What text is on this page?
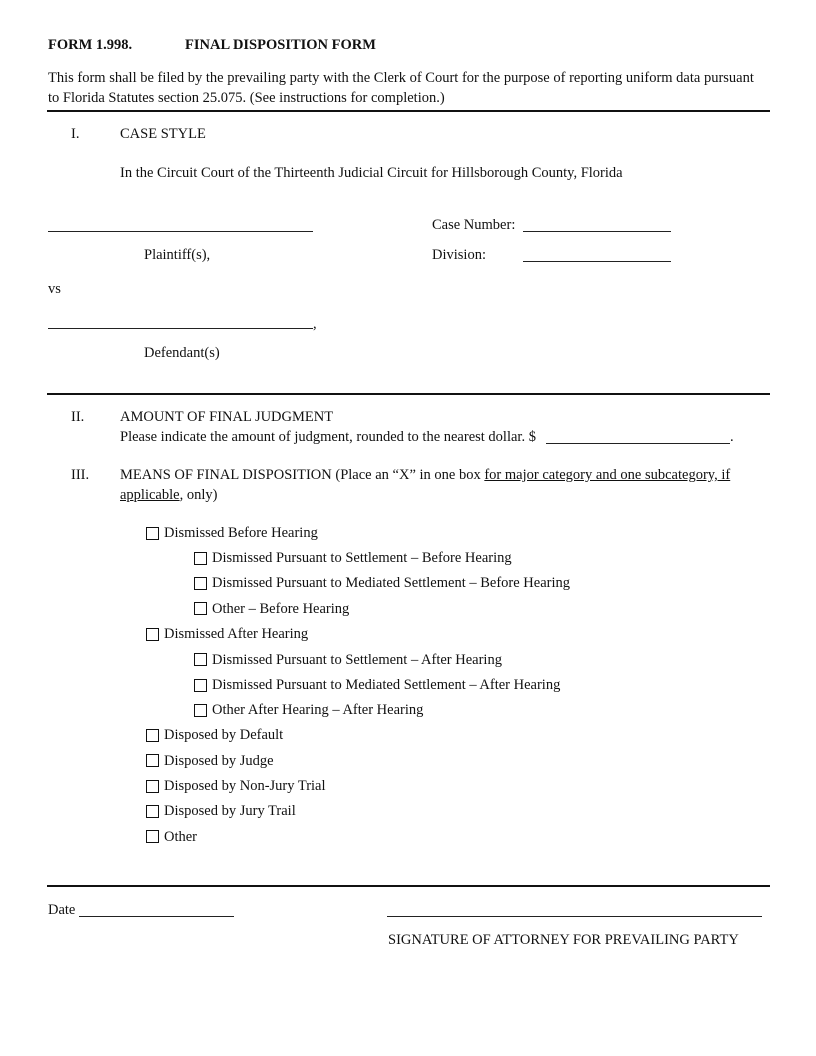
FORM 1.998.	FINAL DISPOSITION FORM
This form shall be filed by the prevailing party with the Clerk of Court for the purpose of reporting uniform data pursuant
to Florida Statutes section 25.075. (See instructions for completion.)
I.	CASE STYLE
In the Circuit Court of the Thirteenth Judicial Circuit for Hillsborough County, Florida
Case Number:
Plaintiff(s),	Division:
vs
,
Defendant(s)
II. AMOUNT OF FINAL JUDGMENT
Please indicate the amount of judgment, rounded to the nearest dollar. $	.
III. MEANS OF FINAL DISPOSITION (Place an “X” in one box for major category and one subcategory, if
applicable, only)
Dismissed Before Hearing
Dismissed Pursuant to Settlement – Before Hearing
Dismissed Pursuant to Mediated Settlement – Before Hearing
Other – Before Hearing
Dismissed After Hearing
Dismissed Pursuant to Settlement – After Hearing
Dismissed Pursuant to Mediated Settlement – After Hearing
Other After Hearing – After Hearing
Disposed by Default
Disposed by Judge
Disposed by Non-Jury Trial
Disposed by Jury Trail
Other
Date
SIGNATURE OF ATTORNEY FOR PREVAILING PARTY
